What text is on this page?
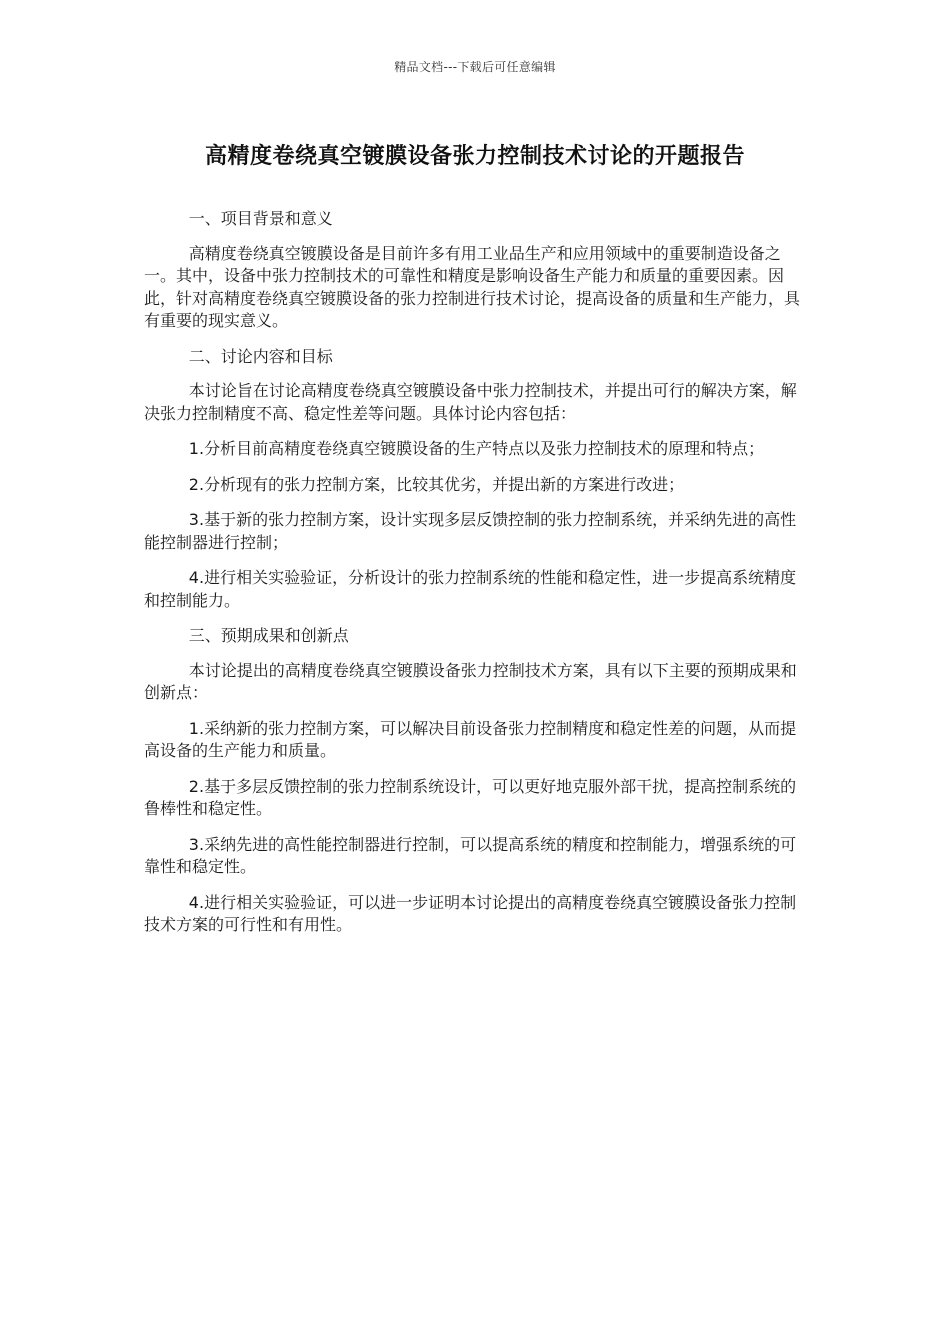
精品文档---下载后可任意编辑
高精度卷绕真空镀膜设备张力控制技术讨论的开题报告

一、项目背景和意义

高精度卷绕真空镀膜设备是目前许多有用工业品生产和应用领域中的重要制造设备之一。其中，设备中张力控制技术的可靠性和精度是影响设备生产能力和质量的重要因素。因此，针对高精度卷绕真空镀膜设备的张力控制进行技术讨论，提高设备的质量和生产能力，具有重要的现实意义。

二、讨论内容和目标

本讨论旨在讨论高精度卷绕真空镀膜设备中张力控制技术，并提出可行的解决方案，解决张力控制精度不高、稳定性差等问题。具体讨论内容包括：

1.分析目前高精度卷绕真空镀膜设备的生产特点以及张力控制技术的原理和特点；

2.分析现有的张力控制方案，比较其优劣，并提出新的方案进行改进；

3.基于新的张力控制方案，设计实现多层反馈控制的张力控制系统，并采纳先进的高性能控制器进行控制；

4.进行相关实验验证，分析设计的张力控制系统的性能和稳定性，进一步提高系统精度和控制能力。

三、预期成果和创新点

本讨论提出的高精度卷绕真空镀膜设备张力控制技术方案，具有以下主要的预期成果和创新点：

1.采纳新的张力控制方案，可以解决目前设备张力控制精度和稳定性差的问题，从而提高设备的生产能力和质量。

2.基于多层反馈控制的张力控制系统设计，可以更好地克服外部干扰，提高控制系统的鲁棒性和稳定性。

3.采纳先进的高性能控制器进行控制，可以提高系统的精度和控制能力，增强系统的可靠性和稳定性。

4.进行相关实验验证，可以进一步证明本讨论提出的高精度卷绕真空镀膜设备张力控制技术方案的可行性和有用性。
